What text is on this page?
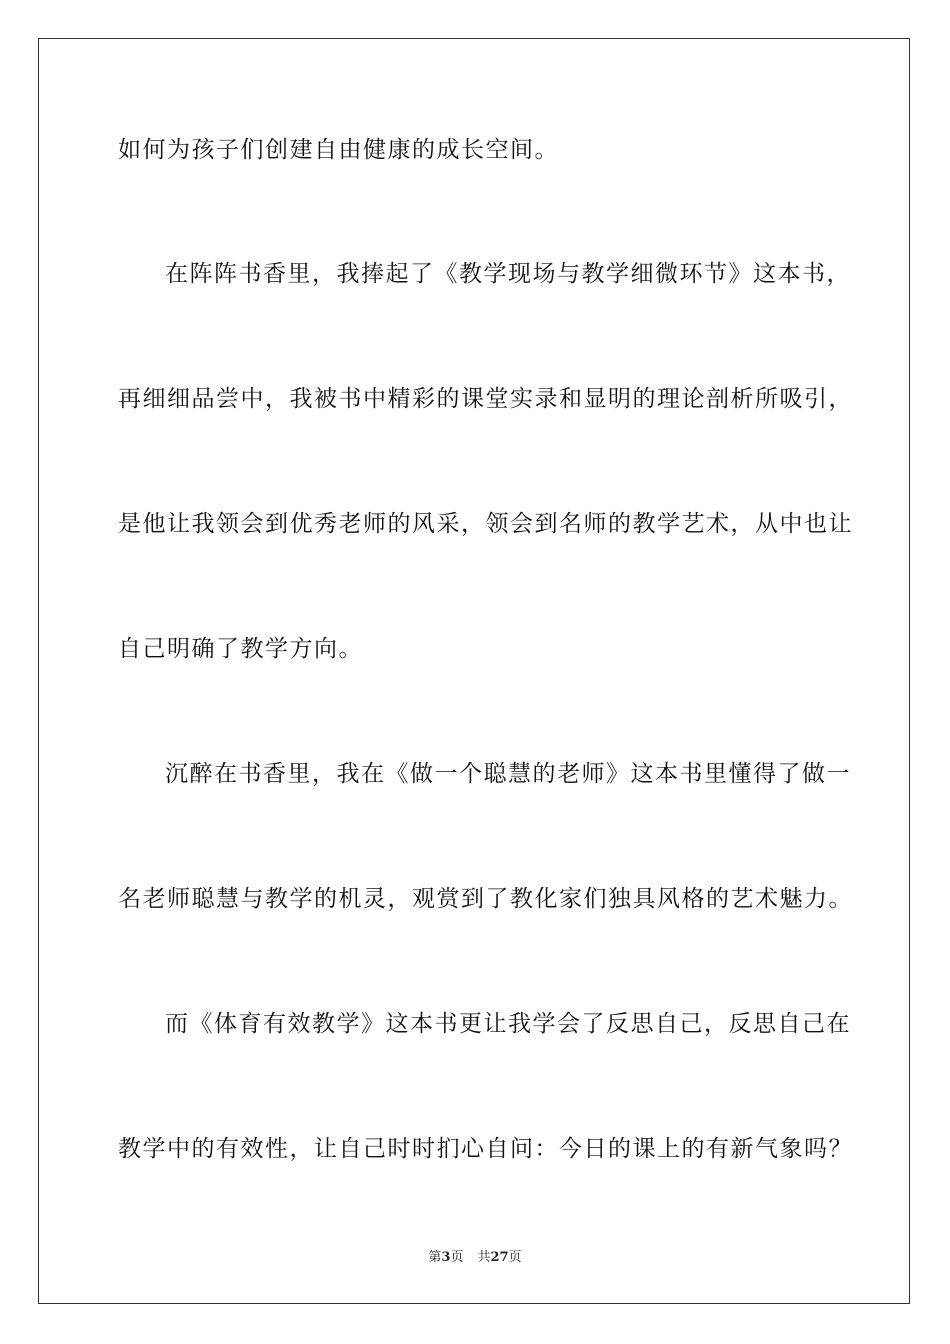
如何为孩子们创建自由健康的成长空间。
在阵阵书香里，我捧起了《教学现场与教学细微环节》这本书，
再细细品尝中，我被书中精彩的课堂实录和显明的理论剖析所吸引，
是他让我领会到优秀老师的风采，领会到名师的教学艺术，从中也让
自己明确了教学方向。
沉醉在书香里，我在《做一个聪慧的老师》这本书里懂得了做一
名老师聪慧与教学的机灵，观赏到了教化家们独具风格的艺术魅力。
而《体育有效教学》这本书更让我学会了反思自己，反思自己在
教学中的有效性，让自己时时扪心自问：今日的课上的有新气象吗？
第3页 共27页
